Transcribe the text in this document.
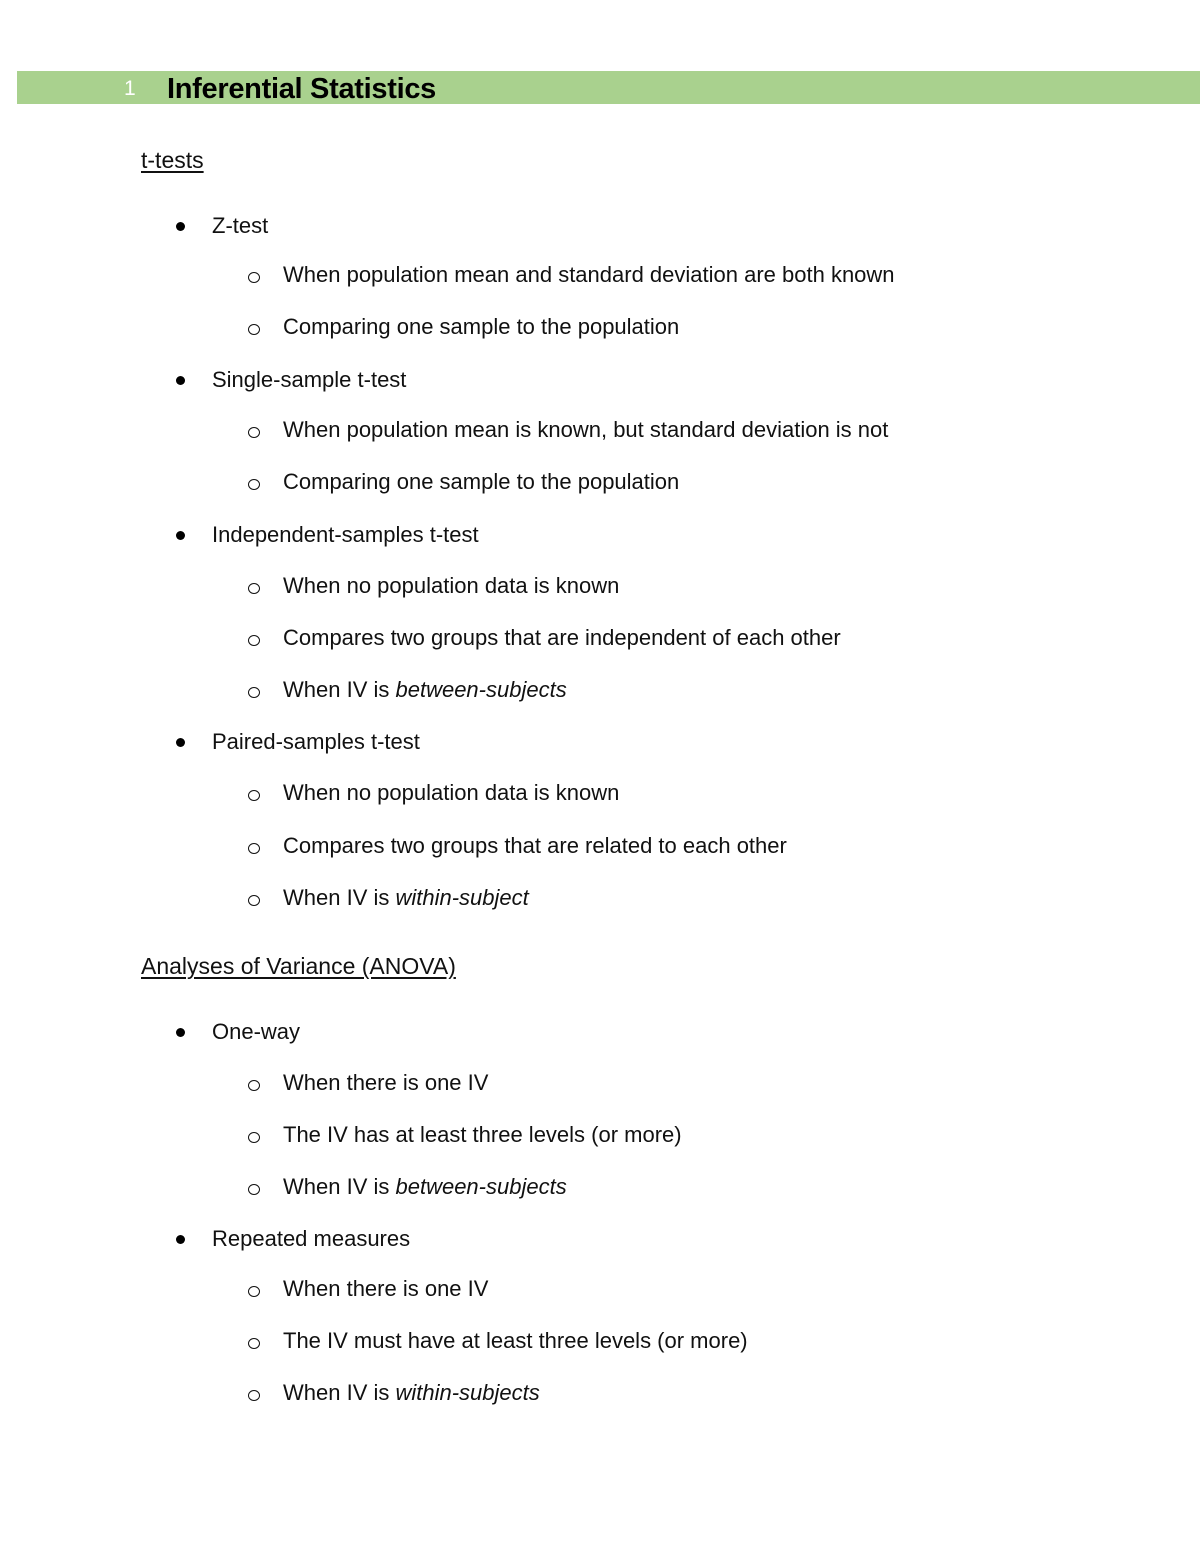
1 Inferential Statistics
t-tests
Z-test
When population mean and standard deviation are both known
Comparing one sample to the population
Single-sample t-test
When population mean is known, but standard deviation is not
Comparing one sample to the population
Independent-samples t-test
When no population data is known
Compares two groups that are independent of each other
When IV is between-subjects
Paired-samples t-test
When no population data is known
Compares two groups that are related to each other
When IV is within-subject
Analyses of Variance (ANOVA)
One-way
When there is one IV
The IV has at least three levels (or more)
When IV is between-subjects
Repeated measures
When there is one IV
The IV must have at least three levels (or more)
When IV is within-subjects
